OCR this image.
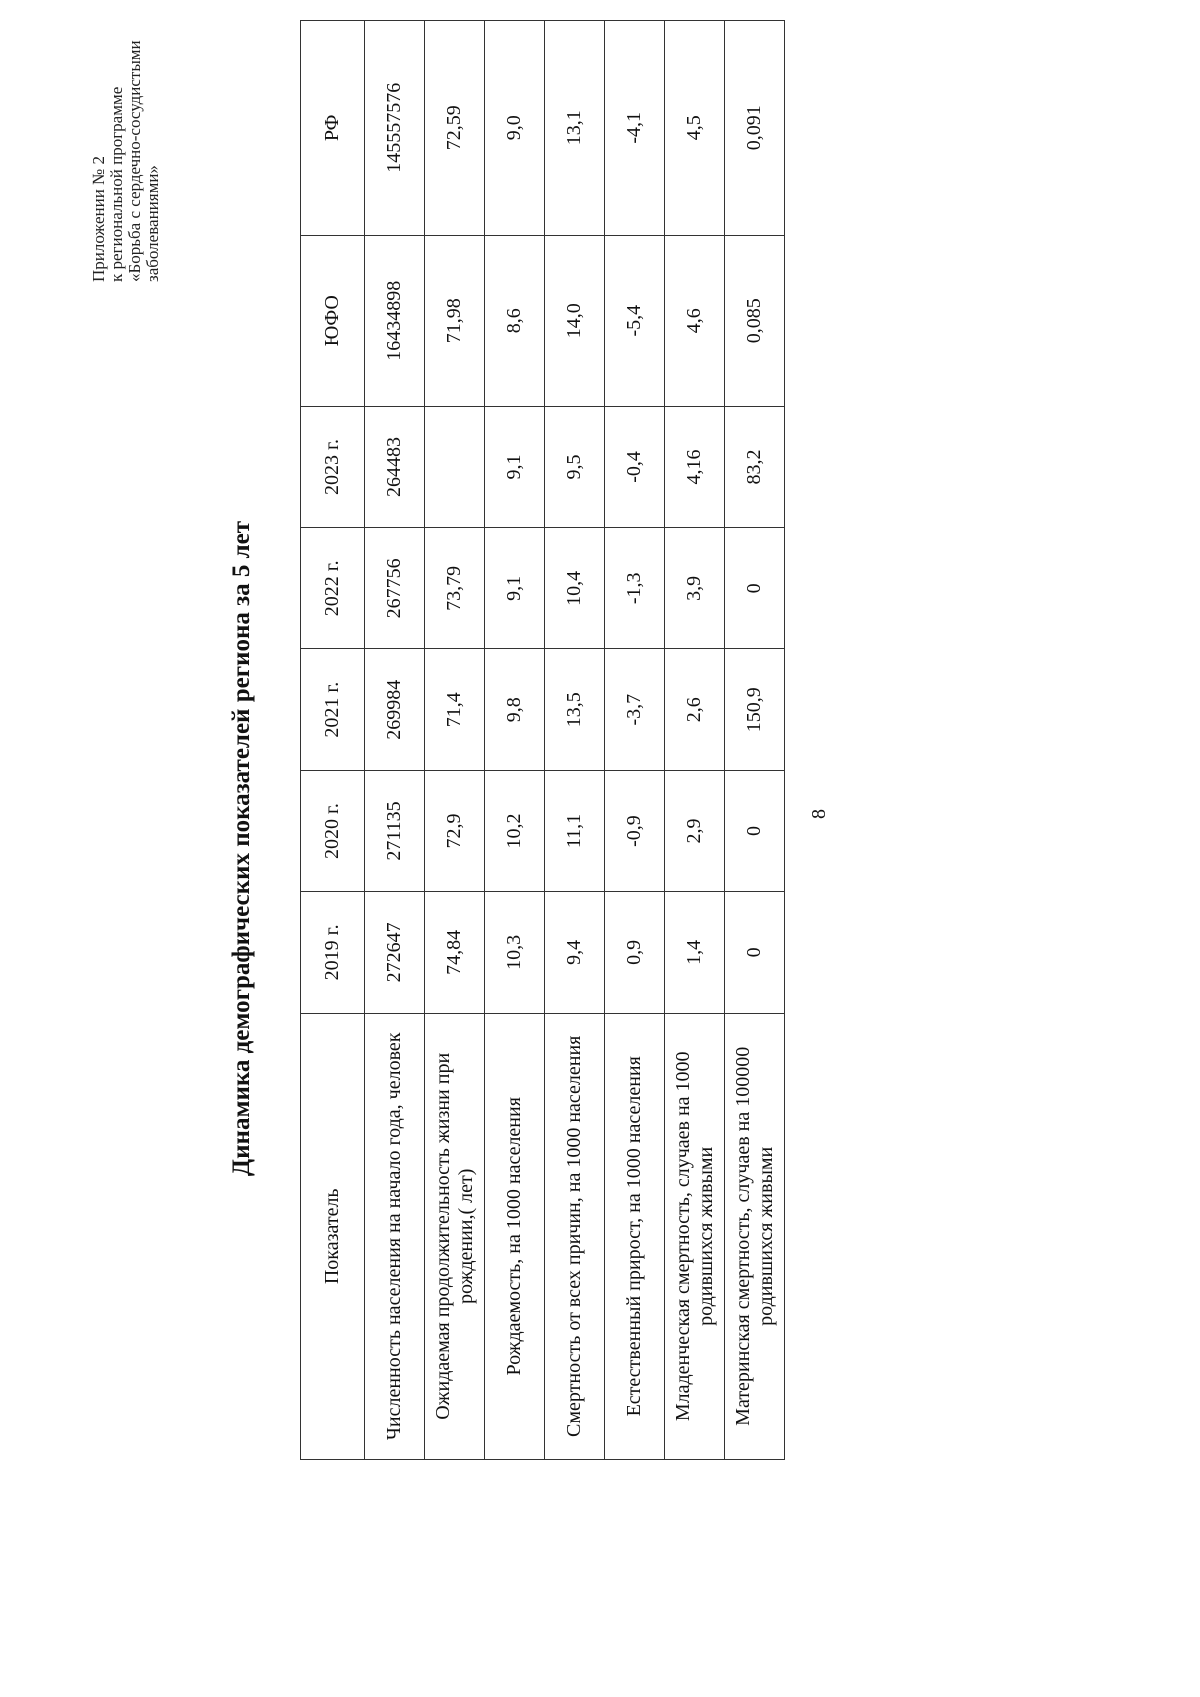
Приложении № 2 к региональной программе «Борьба с сердечно-сосудистыми заболеваниями»
Динамика демографических показателей региона за 5 лет
Показатель	2019 г.	2020 г.	2021 г.	2022 г.	2023 г.	ЮФО	РФ
Численность населения на начало года, человек	272647	271135	269984	267756	264483	16434898	145557576
Ожидаемая продолжительность жизни при рождении,( лет)	74,84	72,9	71,4	73,79		71,98	72,59
Рождаемость, на 1000 населения	10,3	10,2	9,8	9,1	9,1	8,6	9,0
Смертность от всех причин, на 1000 населения	9,4	11,1	13,5	10,4	9,5	14,0	13,1
Естественный прирост, на 1000 населения	0,9	-0,9	-3,7	-1,3	-0,4	-5,4	-4,1
Младенческая смертность, случаев на 1000 родившихся живыми	1,4	2,9	2,6	3,9	4,16	4,6	4,5
Материнская смертность, случаев на 100000 родившихся живыми	0	0	150,9	0	83,2	0,085	0,091
8
